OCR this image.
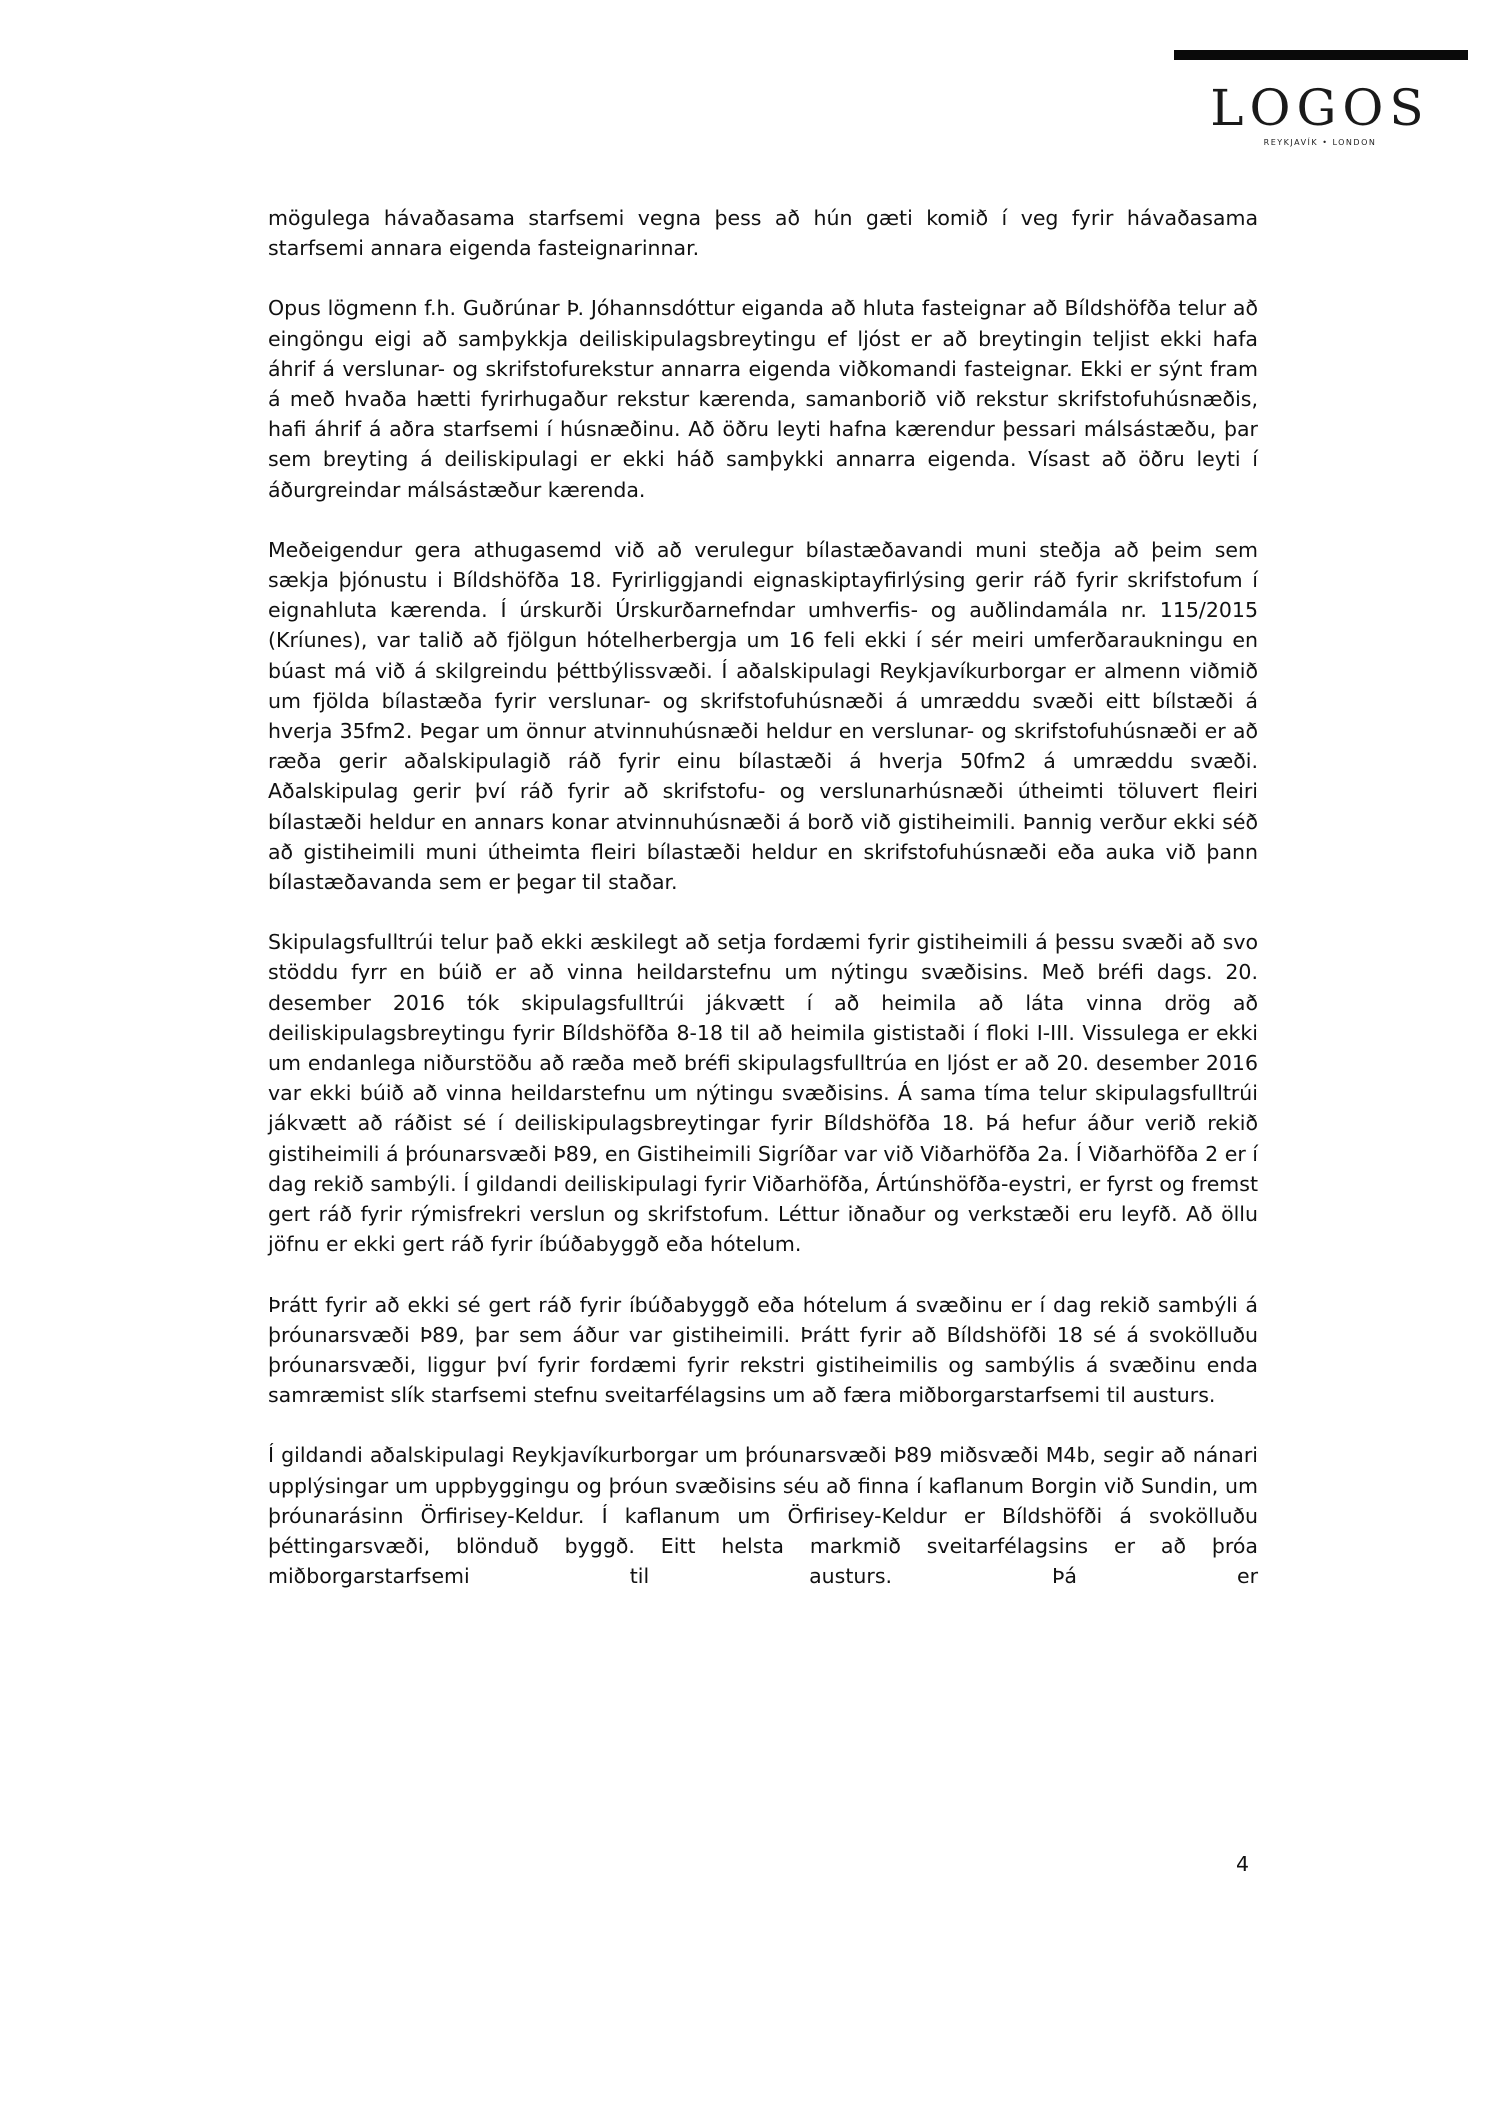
LOGOS
REYKJAVÍK • LONDON

mögulega hávaðasama starfsemi vegna þess að hún gæti komið í veg fyrir hávaðasama starfsemi annara eigenda fasteignarinnar.

Opus lögmenn f.h. Guðrúnar Þ. Jóhannsdóttur eiganda að hluta fasteignar að Bíldshöfða telur að eingöngu eigi að samþykkja deiliskipulagsbreytingu ef ljóst er að breytingin teljist ekki hafa áhrif á verslunar- og skrifstofurekstur annarra eigenda viðkomandi fasteignar. Ekki er sýnt fram á með hvaða hætti fyrirhugaður rekstur kærenda, samanborið við rekstur skrifstofuhúsnæðis, hafi áhrif á aðra starfsemi í húsnæðinu. Að öðru leyti hafna kærendur þessari málsástæðu, þar sem breyting á deiliskipulagi er ekki háð samþykki annarra eigenda. Vísast að öðru leyti í áðurgreindar málsástæður kærenda.

Meðeigendur gera athugasemd við að verulegur bílastæðavandi muni steðja að þeim sem sækja þjónustu i Bíldshöfða 18. Fyrirliggjandi eignaskiptayfirlýsing gerir ráð fyrir skrifstofum í eignahluta kærenda. Í úrskurði Úrskurðarnefndar umhverfis- og auðlindamála nr. 115/2015 (Kríunes), var talið að fjölgun hótelherbergja um 16 feli ekki í sér meiri umferðaraukningu en búast má við á skilgreindu þéttbýlissvæði. Í aðalskipulagi Reykjavíkurborgar er almenn viðmið um fjölda bílastæða fyrir verslunar- og skrifstofuhúsnæði á umræddu svæði eitt bílstæði á hverja 35fm2. Þegar um önnur atvinnuhúsnæði heldur en verslunar- og skrifstofuhúsnæði er að ræða gerir aðalskipulagið ráð fyrir einu bílastæði á hverja 50fm2 á umræddu svæði. Aðalskipulag gerir því ráð fyrir að skrifstofu- og verslunarhúsnæði útheimti töluvert fleiri bílastæði heldur en annars konar atvinnuhúsnæði á borð við gistiheimili. Þannig verður ekki séð að gistiheimili muni útheimta fleiri bílastæði heldur en skrifstofuhúsnæði eða auka við þann bílastæðavanda sem er þegar til staðar.

Skipulagsfulltrúi telur það ekki æskilegt að setja fordæmi fyrir gistiheimili á þessu svæði að svo stöddu fyrr en búið er að vinna heildarstefnu um nýtingu svæðisins. Með bréfi dags. 20. desember 2016 tók skipulagsfulltrúi jákvætt í að heimila að láta vinna drög að deiliskipulagsbreytingu fyrir Bíldshöfða 8-18 til að heimila gististaði í floki I-III. Vissulega er ekki um endanlega niðurstöðu að ræða með bréfi skipulagsfulltrúa en ljóst er að 20. desember 2016 var ekki búið að vinna heildarstefnu um nýtingu svæðisins. Á sama tíma telur skipulagsfulltrúi jákvætt að ráðist sé í deiliskipulagsbreytingar fyrir Bíldshöfða 18. Þá hefur áður verið rekið gistiheimili á þróunarsvæði Þ89, en Gistiheimili Sigríðar var við Viðarhöfða 2a. Í Viðarhöfða 2 er í dag rekið sambýli. Í gildandi deiliskipulagi fyrir Viðarhöfða, Ártúnshöfða-eystri, er fyrst og fremst gert ráð fyrir rýmisfrekri verslun og skrifstofum. Léttur iðnaður og verkstæði eru leyfð. Að öllu jöfnu er ekki gert ráð fyrir íbúðabyggð eða hótelum.

Þrátt fyrir að ekki sé gert ráð fyrir íbúðabyggð eða hótelum á svæðinu er í dag rekið sambýli á þróunarsvæði Þ89, þar sem áður var gistiheimili. Þrátt fyrir að Bíldshöfði 18 sé á svokölluðu þróunarsvæði, liggur því fyrir fordæmi fyrir rekstri gistiheimilis og sambýlis á svæðinu enda samræmist slík starfsemi stefnu sveitarfélagsins um að færa miðborgarstarfsemi til austurs.

Í gildandi aðalskipulagi Reykjavíkurborgar um þróunarsvæði Þ89 miðsvæði M4b, segir að nánari upplýsingar um uppbyggingu og þróun svæðisins séu að finna í kaflanum Borgin við Sundin, um þróunarásinn Örfirisey-Keldur. Í kaflanum um Örfirisey-Keldur er Bíldshöfði á svokölluðu þéttingarsvæði, blönduð byggð. Eitt helsta markmið sveitarfélagsins er að þróa miðborgarstarfsemi til austurs. Þá er

4
